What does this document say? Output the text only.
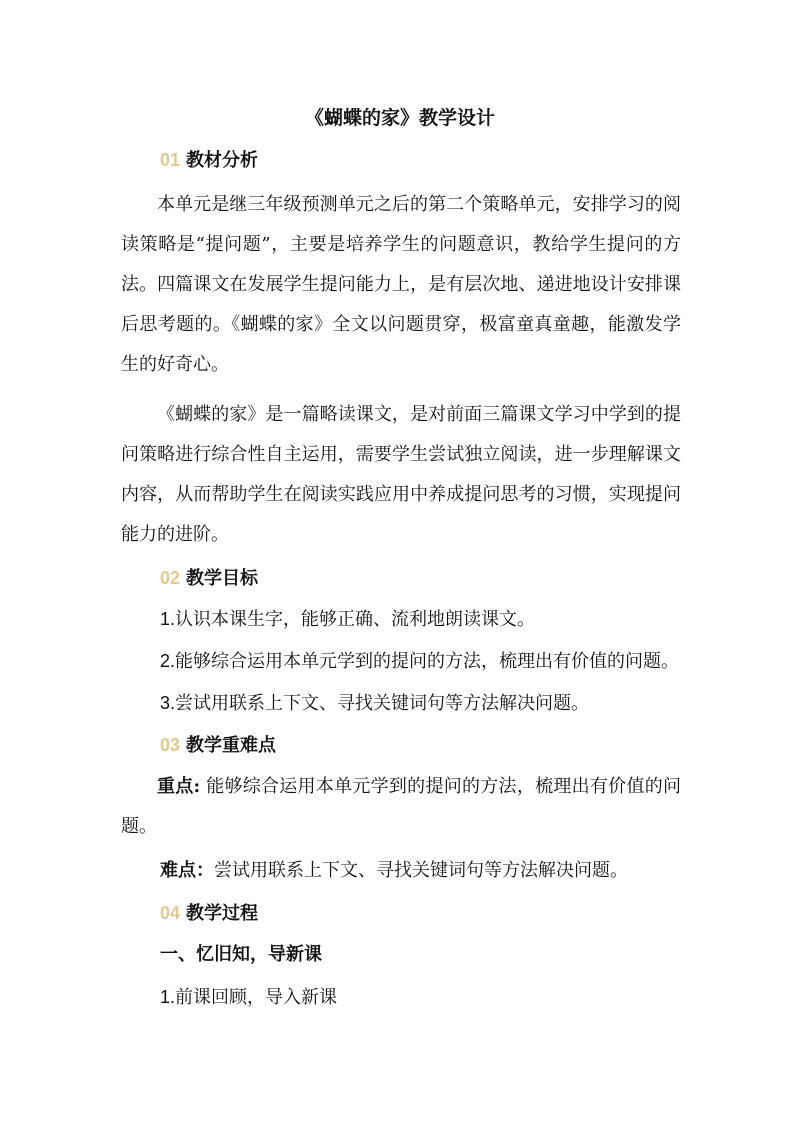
《蝴蝶的家》教学设计
01 教材分析

本单元是继三年级预测单元之后的第二个策略单元，安排学习的阅读策略是“提问题”，主要是培养学生的问题意识，教给学生提问的方法。四篇课文在发展学生提问能力上，是有层次地、递进地设计安排课后思考题的。《蝴蝶的家》全文以问题贯穿，极富童真童趣，能激发学生的好奇心。

《蝴蝶的家》是一篇略读课文，是对前面三篇课文学习中学到的提问策略进行综合性自主运用，需要学生尝试独立阅读，进一步理解课文内容，从而帮助学生在阅读实践应用中养成提问思考的习惯，实现提问能力的进阶。

02 教学目标
1.认识本课生字，能够正确、流利地朗读课文。
2.能够综合运用本单元学到的提问的方法，梳理出有价值的问题。
3.尝试用联系上下文、寻找关键词句等方法解决问题。
03 教学重难点

重点: 能够综合运用本单元学到的提问的方法，梳理出有价值的问题。

难点：尝试用联系上下文、寻找关键词句等方法解决问题。
04 教学过程
一、忆旧知，导新课
1.前课回顾，导入新课
